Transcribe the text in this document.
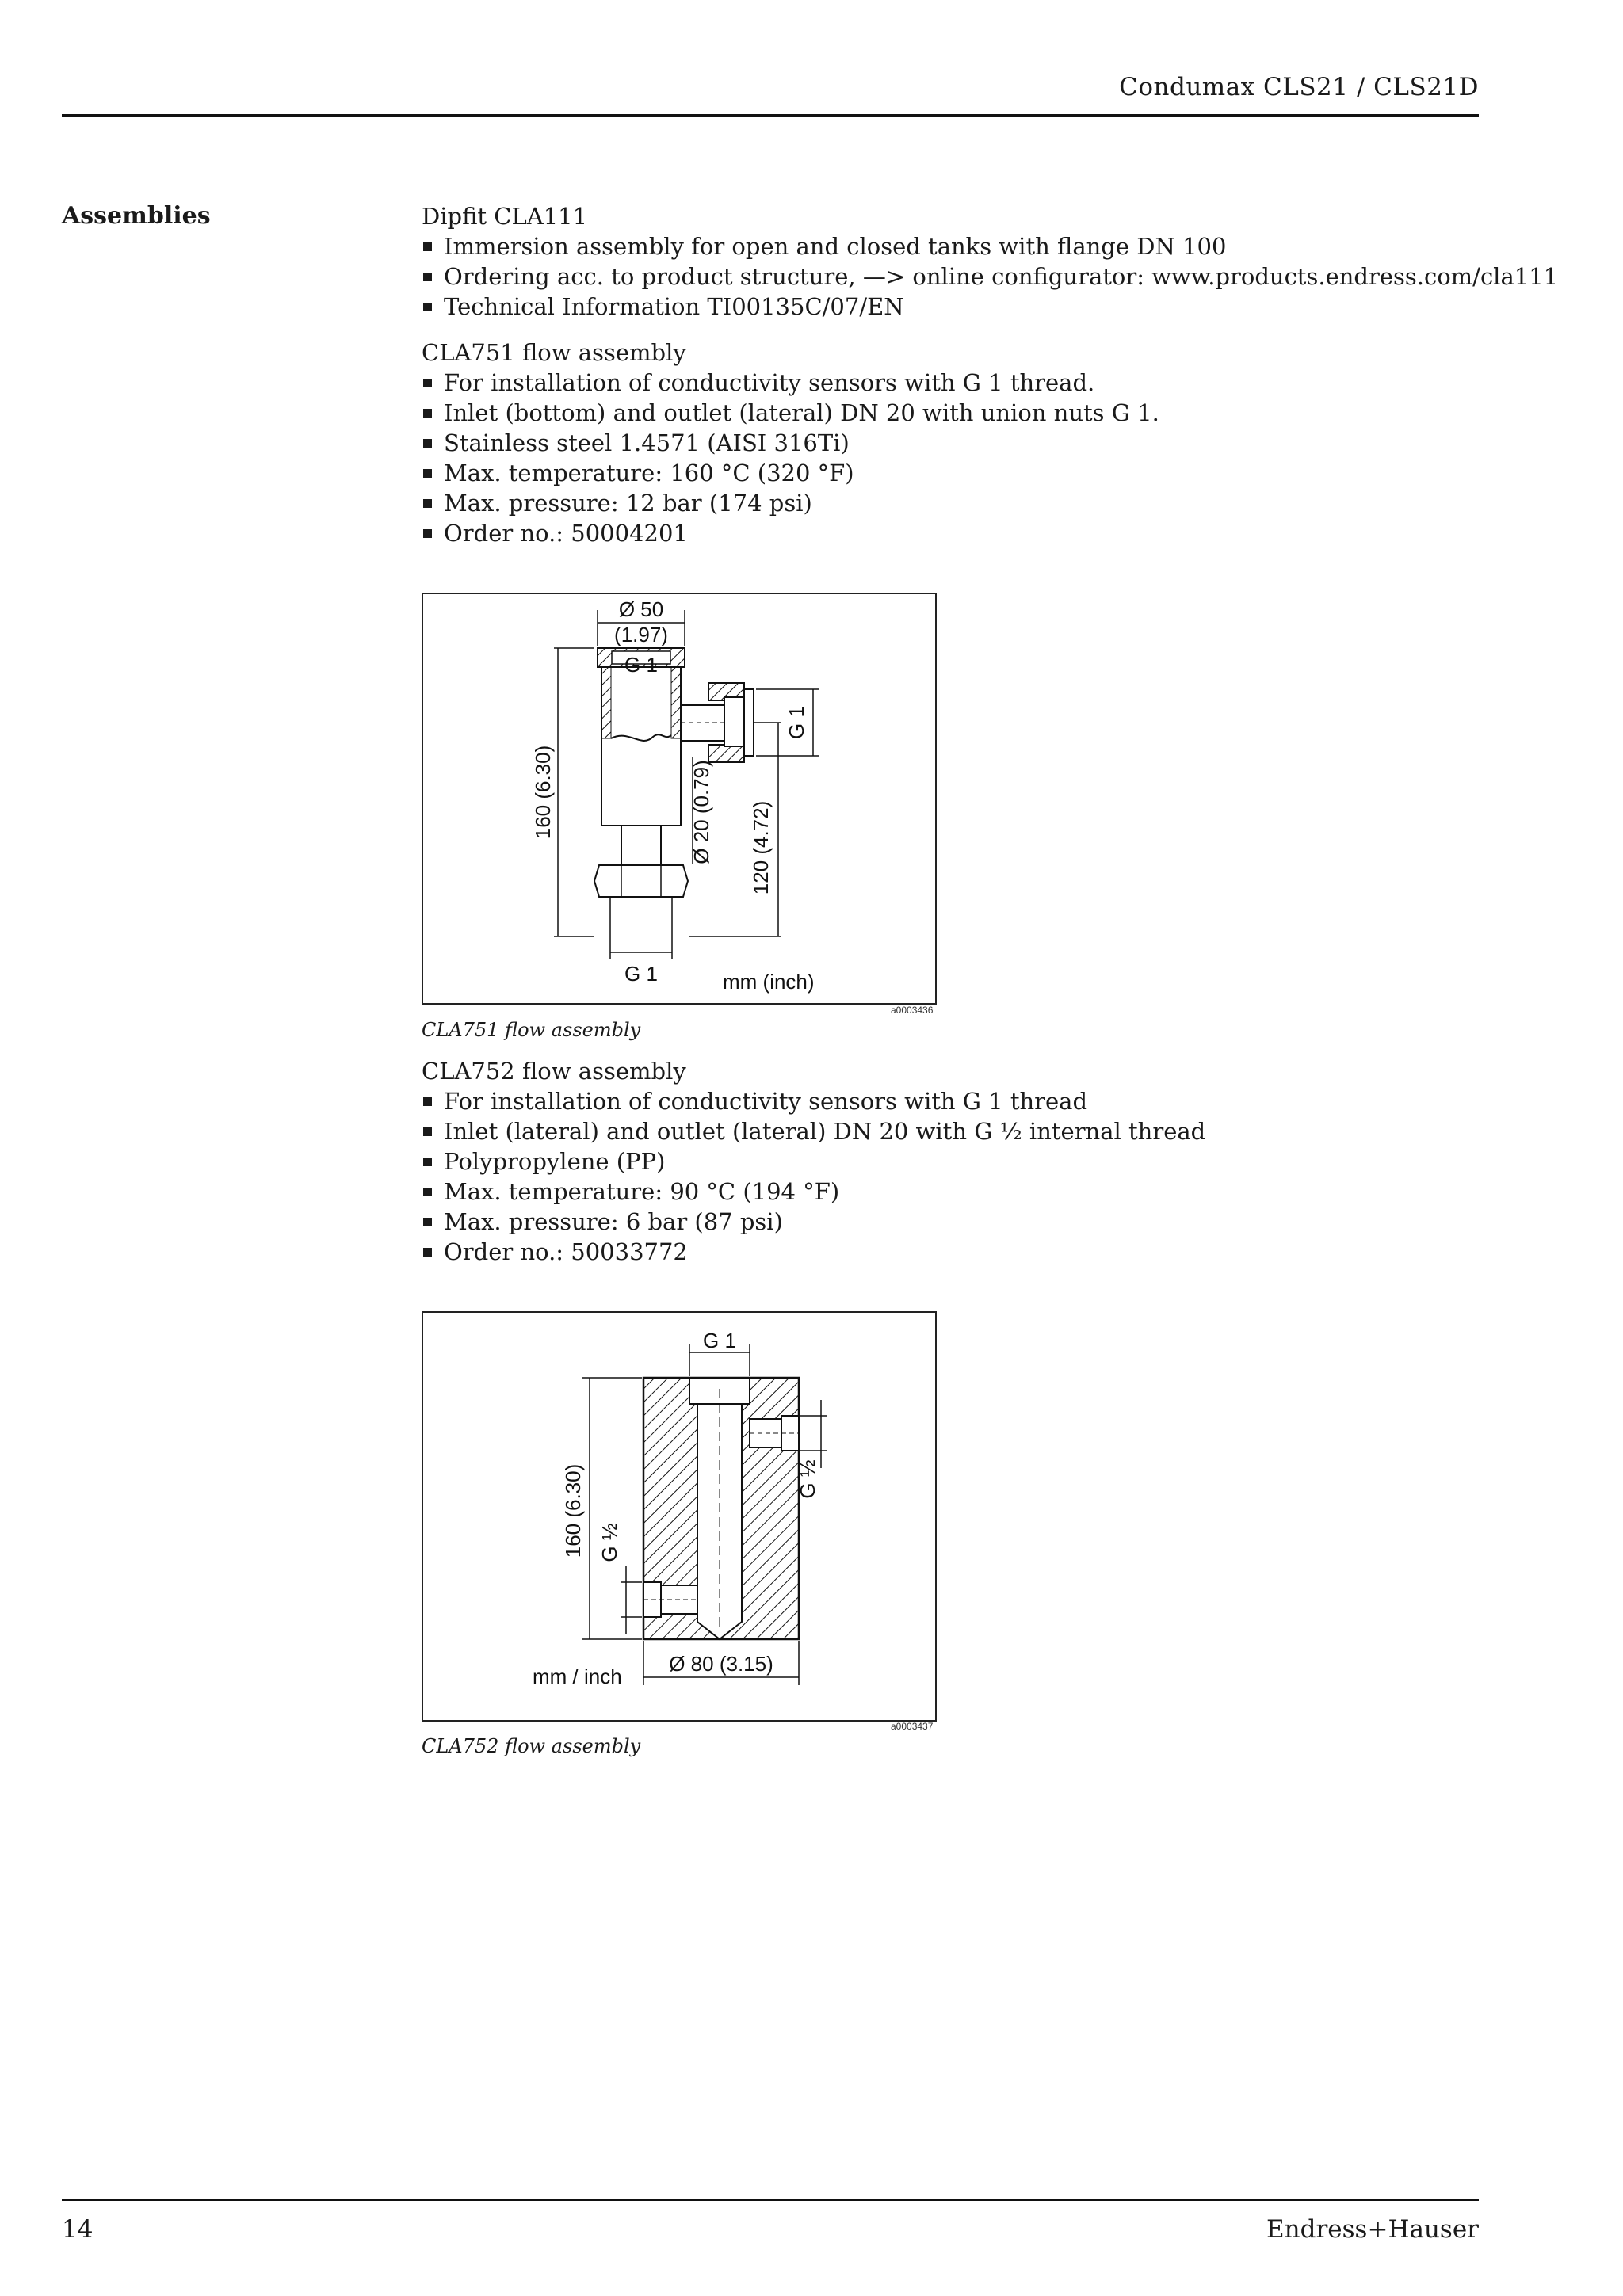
Condumax CLS21 / CLS21D
Assemblies	Dipfit CLA111

Immersion assembly for open and closed tanks with flange DN 100
Ordering acc. to product structure, —> online configurator: www.products.endress.com/cla111
Technical Information TI00135C/07/EN

CLA751 flow assembly

For installation of conductivity sensors with G 1 thread.
Inlet (bottom) and outlet (lateral) DN 20 with union nuts G 1.
Stainless steel 1.4571 (AISI 316Ti)
Max. temperature: 160 °C (320 °F)
Max. pressure: 12 bar (174 psi)
Order no.: 50004201
Ø 50
(1.97)
G 1
160 (6.30)	Ø 20 (0.79) 120 (4.72)
G 1
G 1	mm (inch)
a0003436
CLA751 flow assembly

CLA752 flow assembly

For installation of conductivity sensors with G 1 thread
Inlet (lateral) and outlet (lateral) DN 20 with G ½ internal thread
Polypropylene (PP)
Max. temperature: 90 °C (194 °F)
Max. pressure: 6 bar (87 psi)
Order no.: 50033772
G 1
G ½
160 (6.30) G ½
Ø 80 (3.15)
mm / inch
a0003437
CLA752 flow assembly
14	Endress+Hauser
